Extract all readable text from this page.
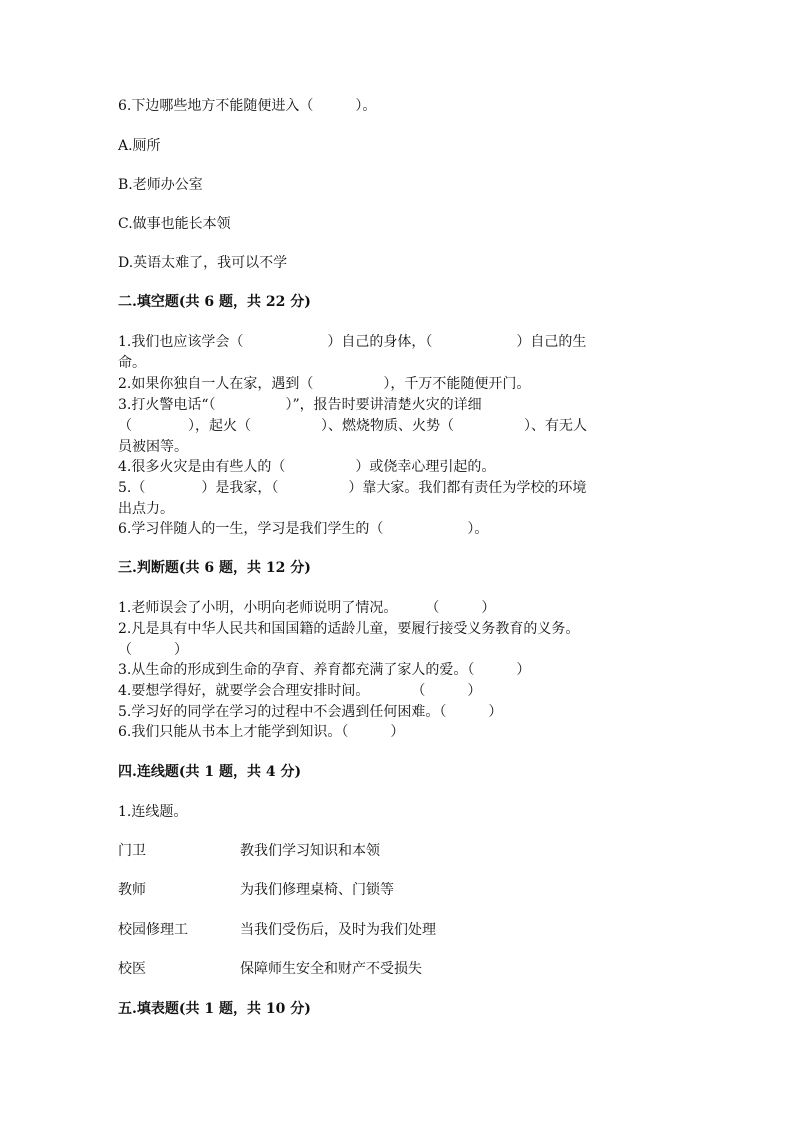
6.下边哪些地方不能随便进入（　　　）。
A.厕所
B.老师办公室
C.做事也能长本领
D.英语太难了，我可以不学
二.填空题(共 6 题，共 22 分)
1.我们也应该学会（　　　　　　）自己的身体，（　　　　　　）自己的生
命。
2.如果你独自一人在家，遇到（　　　　　），千万不能随便开门。
3.打火警电话“（　　　　　）”，报告时要讲清楚火灾的详细
（　　　　），起火（　　　　　）、燃烧物质、火势（　　　　　）、有无人
员被困等。
4.很多火灾是由有些人的（　　　　　）或侥幸心理引起的。
5.（　　　　）是我家，（　　　　　）靠大家。我们都有责任为学校的环境
出点力。
6.学习伴随人的一生，学习是我们学生的（　　　　　　）。
三.判断题(共 6 题，共 12 分)
1.老师误会了小明，小明向老师说明了情况。　　　（　　　）
2.凡是具有中华人民共和国国籍的适龄儿童，要履行接受义务教育的义务。
（　　　）
3.从生命的形成到生命的孕育、养育都充满了家人的爱。（　　　）
4.要想学得好，就要学会合理安排时间。　　　　（　　　）
5.学习好的同学在学习的过程中不会遇到任何困难。（　　　）
6.我们只能从书本上才能学到知识。（　　　）
四.连线题(共 1 题，共 4 分)
1.连线题。
门卫	教我们学习知识和本领
教师	为我们修理桌椅、门锁等
校园修理工	当我们受伤后，及时为我们处理
校医	保障师生安全和财产不受损失
五.填表题(共 1 题，共 10 分)
